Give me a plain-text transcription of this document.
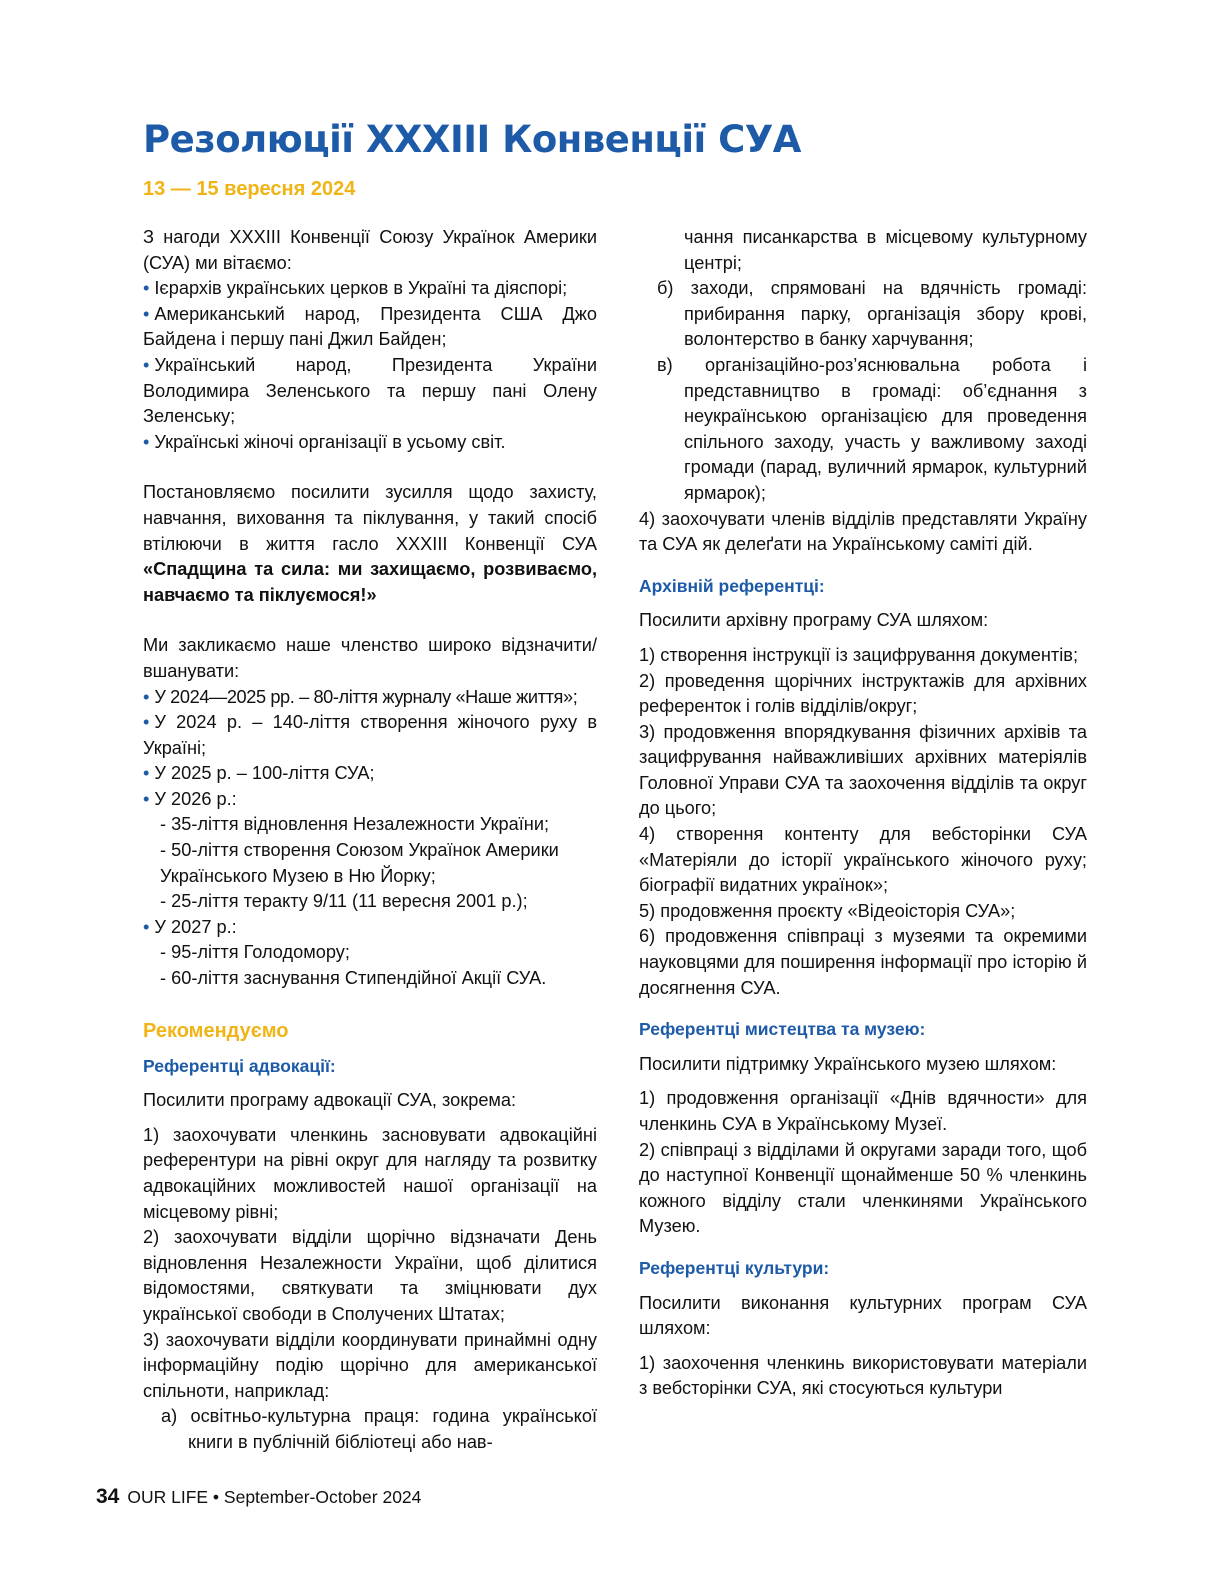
Резолюції XXXIII Конвенції СУА

13 — 15 вересня 2024

З нагоди XXXIII Конвенції Союзу Українок Америки (СУА) ми вітаємо:

• Ієрархів українських церков в Україні та діяспорі;

• Американський народ, Президента США Джо Байдена і першу пані Джил Байден;

• Український народ, Президента України Володимира Зеленського та першу пані Олену Зеленську;

• Українські жіночі організації в усьому світ.

Постановляємо посилити зусилля щодо захисту, навчання, виховання та піклування, у такий спосіб втілюючи в життя гасло XXXIII Конвенції СУА «Спадщина та сила: ми захищаємо, розвиваємо, навчаємо та піклуємося!»

Ми закликаємо наше членство широко відзначити/вшанувати:

• У 2024—2025 рр. – 80-ліття журналу «Наше життя»;

• У 2024 р. – 140-ліття створення жіночого руху в Україні;

• У 2025 р. – 100-ліття СУА;

• У 2026 р.:

- 35-ліття відновлення Незалежности України;

- 50-ліття створення Союзом Українок Америки

Українського Музею в Ню Йорку;

- 25-ліття теракту 9/11 (11 вересня 2001 р.);

• У 2027 р.:

- 95-ліття Голодомору;

- 60-ліття заснування Стипендійної Акції СУА.

Рекомендуємо

Референтці адвокації:

Посилити програму адвокації СУА, зокрема:

1) заохочувати членкинь засновувати адвокаційні референтури на рівні округ для нагляду та розвитку адвокаційних можливостей нашої організації на місцевому рівні;

2) заохочувати відділи щорічно відзначати День відновлення Незалежности України, щоб ділитися відомостями, святкувати та зміцнювати дух української свободи в Сполучених Штатах;

3) заохочувати відділи координувати принаймні одну інформаційну подію щорічно для американської спільноти, наприклад:

а) освітньо-культурна праця: година української книги в публічній бібліотеці або нав-

чання писанкарства в місцевому культурному центрі;

б) заходи, спрямовані на вдячність громаді: прибирання парку, організація збору крові, волонтерство в банку харчування;

в) організаційно-роз’яснювальна робота і представництво в громаді: об’єднання з неукраїнською організацією для проведення спільного заходу, участь у важливому заході громади (парад, вуличний ярмарок, культурний ярмарок);

4) заохочувати членів відділів представляти Україну та СУА як делеґати на Українському саміті дій.

Архівній референтці:

Посилити архівну програму СУА шляхом:

1) створення інструкції із зацифрування документів;

2) проведення щорічних інструктажів для архівних референток і голів відділів/округ;

3) продовження впорядкування фізичних архівів та зацифрування найважливіших архівних матеріялів Головної Управи СУА та заохочення відділів та округ до цього;

4) створення контенту для вебсторінки СУА «Матеріяли до історії українського жіночого руху; біографії видатних українок»;

5) продовження проєкту «Відеоісторія СУА»;

6) продовження співпраці з музеями та окремими науковцями для поширення інформації про історію й досягнення СУА.

Референтці мистецтва та музею:

Посилити підтримку Українського музею шляхом:

1) продовження організації «Днів вдячности» для членкинь СУА в Українському Музеї.

2) співпраці з відділами й округами заради того, щоб до наступної Конвенції щонайменше 50 % членкинь кожного відділу стали членкинями Українського Музею.

Референтці культури:

Посилити виконання культурних програм СУА шляхом:

1) заохочення членкинь використовувати матеріали з вебсторінки СУА, які стосуються культури

34 OUR LIFE • September-October 2024
